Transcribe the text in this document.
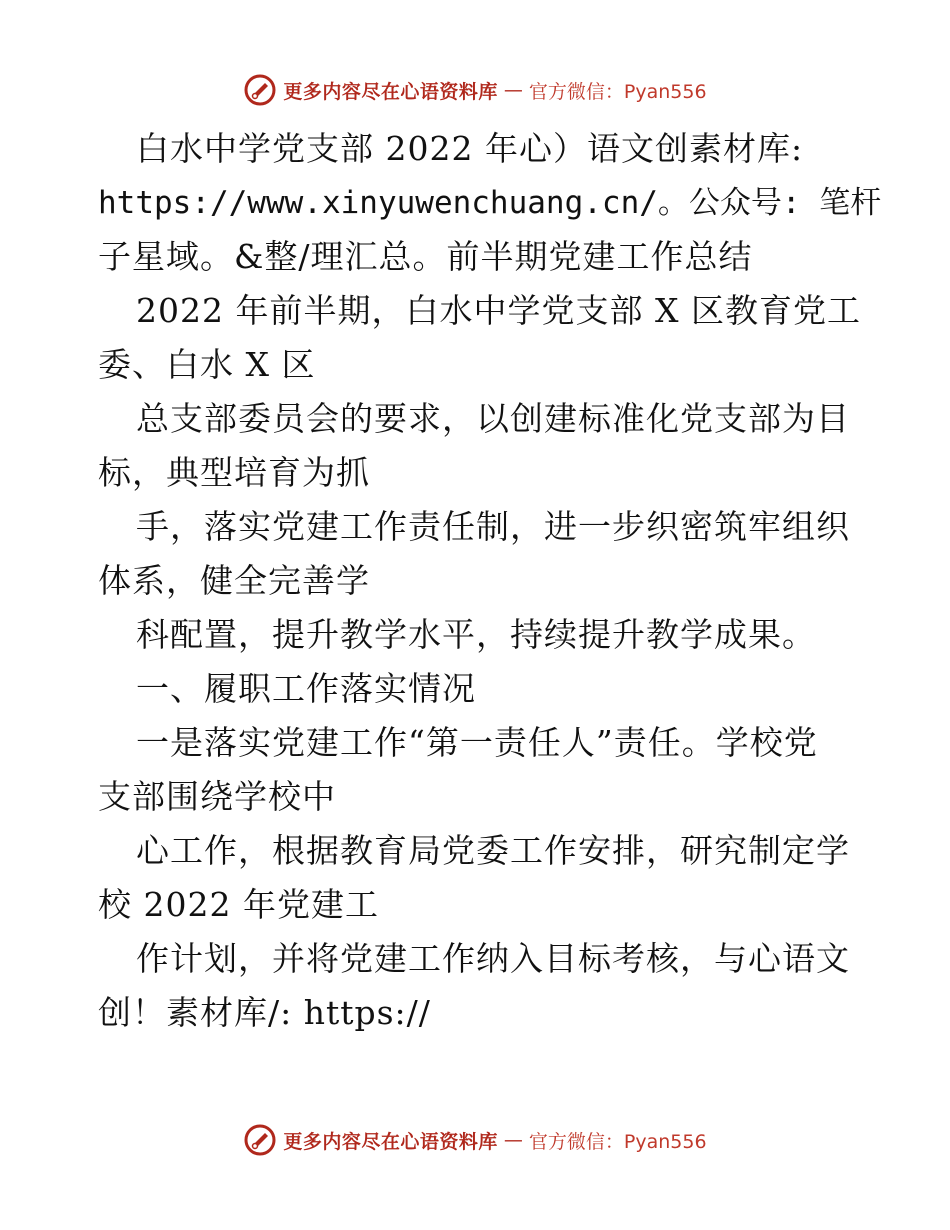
更多内容尽在心语资料库 — 官方微信：Pyan556
白水中学党支部 2022 年心）语文创素材库:
https://www.xinyuwenchuang.cn/。公众号: 笔杆
子星域。&整/理汇总。前半期党建工作总结
2022 年前半期，白水中学党支部 X 区教育党工
委、白水 X 区
总支部委员会的要求，以创建标准化党支部为目
标，典型培育为抓
手，落实党建工作责任制，进一步织密筑牢组织
体系，健全完善学
科配置，提升教学水平，持续提升教学成果。
一、履职工作落实情况
一是落实党建工作“第一责任人”责任。学校党
支部围绕学校中
心工作，根据教育局党委工作安排，研究制定学
校 2022 年党建工
作计划，并将党建工作纳入目标考核，与心语文
创！素材库/: https://
更多内容尽在心语资料库 — 官方微信：Pyan556
